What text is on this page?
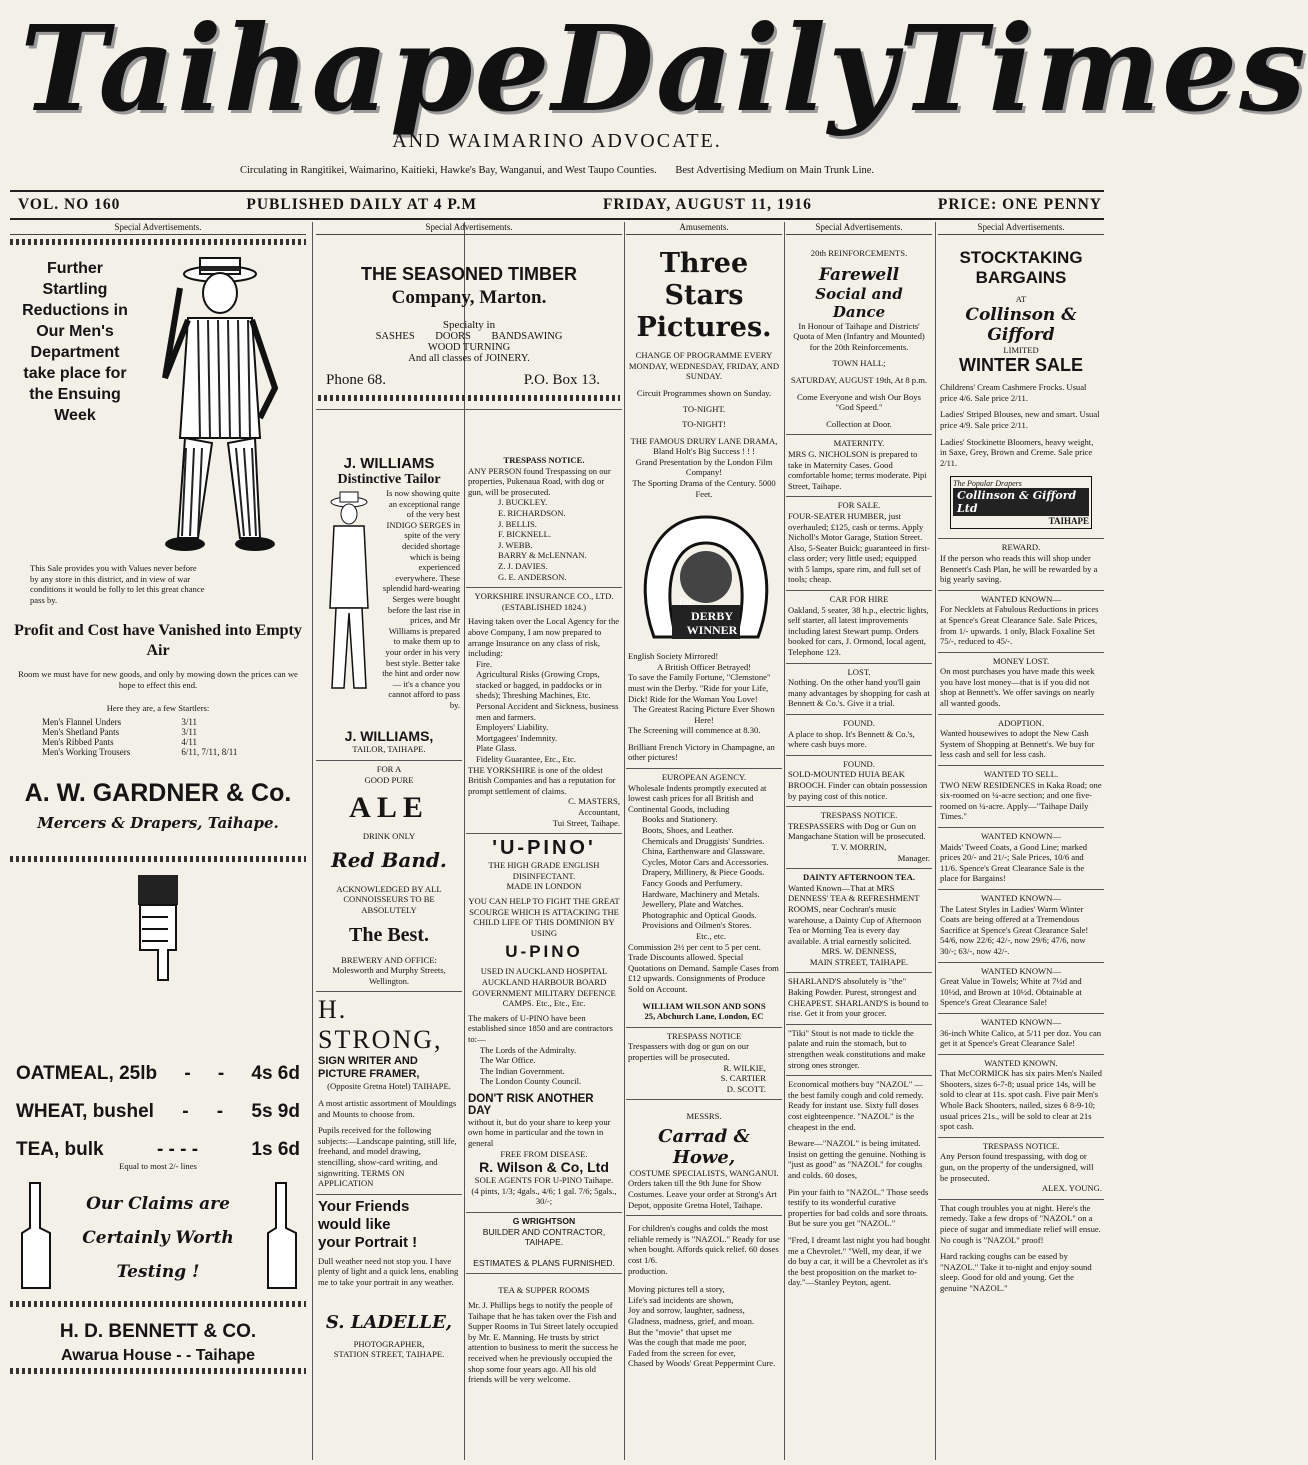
Taihape Daily Times
AND WAIMARINO ADVOCATE.
Circulating in Rangitikei, Waimarino, Kaitieki, Hawke's Bay, Wanganui, and West Taupo Counties. Best Advertising Medium on Main Trunk Line.
VOL. NO 160	PUBLISHED DAILY AT 4 P.M	FRIDAY, AUGUST 11, 1916	PRICE: ONE PENNY
Special Advertisements.
Further
Startling
Reductions in
Our Men's
Department
take place for
the Ensuing
Week
This Sale provides you with Values never before by any store in this district, and in view of war conditions it would be folly to let this great chance pass by.
Profit and Cost have Vanished into Empty Air
Room we must have for new goods, and only by mowing down the prices can we hope to effect this end.
Here they are, a few Startlers:
Men's Flannel Unders	3/11
Men's Shetland Pants	3/11
Men's Ribbed Pants	4/11
Men's Working Trousers	6/11, 7/11, 8/11
A. W. GARDNER & Co.
Mercers & Drapers, Taihape.
OATMEAL, 25lb - - 4s 6d
WHEAT, bushel - - 5s 9d
TEA, bulk	- - - -	1s 6d
Equal to most 2/- lines
Our Claims are
Certainly Worth
Testing !
H. D. BENNETT & CO.
Awarua House - - Taihape
Special Advertisements.
THE SEASONED TIMBER
Company, Marton.
Specialty in
SASHES DOORS BANDSAWING
WOOD TURNING
And all classes of JOINERY.
Phone 68.	P.O. Box 13.
J. WILLIAMS
Distinctive Tailor
Is now showing quite an exceptional range of the very best INDIGO SERGES in spite of the very decided shortage which is being experienced everywhere. These splendid hard-wearing Serges were bought before the last rise in prices, and Mr Williams is prepared to make them up to your order in his very best style. Better take the hint and order now — it's a chance you cannot afford to pass by.
J. WILLIAMS,
TAILOR, TAIHAPE.
FOR A
GOOD PURE
ALE
DRINK ONLY
Red Band.
ACKNOWLEDGED BY ALL CONNOISSEURS TO BE ABSOLUTELY
The Best.
BREWERY AND OFFICE:
Molesworth and Murphy Streets, Wellington.
H. STRONG,
SIGN WRITER AND PICTURE FRAMER,
(Opposite Gretna Hotel) TAIHAPE.
A most artistic assortment of Mouldings and Mounts to choose from.
Pupils received for the following subjects:—Landscape painting, still life, freehand, and model drawing, stencilling, show-card writing, and signwriting. TERMS ON APPLICATION
Your Friends
would like
your Portrait !
Dull weather need not stop you. I have plenty of light and a quick lens, enabling me to take your portrait in any weather.
S. LADELLE,
PHOTOGRAPHER,
STATION STREET, TAIHAPE.
TRESPASS NOTICE.
ANY PERSON found Trespassing on our properties, Pukenaua Road, with dog or gun, will be prosecuted.
J. BUCKLEY.
E. RICHARDSON.
J. BELLIS.
F. BICKNELL.
J. WEBB.
BARRY & McLENNAN.
Z. J. DAVIES.
G. E. ANDERSON.
YORKSHIRE INSURANCE CO., LTD.
(ESTABLISHED 1824.)
Having taken over the Local Agency for the above Company, I am now prepared to arrange Insurance on any class of risk, including:
Fire.
Agricultural Risks (Growing Crops, stacked or bagged, in paddocks or in sheds); Threshing Machines, Etc.
Personal Accident and Sickness, business men and farmers.
Employers' Liability.
Mortgagees' Indemnity.
Plate Glass.
Fidelity Guarantee, Etc., Etc.
THE YORKSHIRE is one of the oldest British Companies and has a reputation for prompt settlement of claims.
C. MASTERS,
Accountant,
Tui Street, Taihape.
'U-PINO'
THE HIGH GRADE ENGLISH DISINFECTANT.
MADE IN LONDON
YOU CAN HELP TO FIGHT THE GREAT SCOURGE WHICH IS ATTACKING THE CHILD LIFE OF THIS DOMINION BY USING
U-PINO
USED IN AUCKLAND HOSPITAL AUCKLAND HARBOUR BOARD GOVERNMENT MILITARY DEFENCE CAMPS. Etc., Etc., Etc.
The makers of U-PINO have been established since 1850 and are contractors to:—
The Lords of the Admiralty.
The War Office.
The Indian Government.
The London County Council.
DON'T RISK ANOTHER DAY
without it, but do your share to keep your own home in particular and the town in general
FREE FROM DISEASE.
R. Wilson & Co, Ltd
SOLE AGENTS FOR U-PINO Taihape.
(4 pints, 1/3; 4gals., 4/6; 1 gal. 7/6; 5gals., 30/-;
G WRIGHTSON
BUILDER AND CONTRACTOR, TAIHAPE.
ESTIMATES & PLANS FURNISHED.
TEA & SUPPER ROOMS
Mr. J. Phillips begs to notify the people of Taihape that he has taken over the Fish and Supper Rooms in Tui Street lately occupied by Mr. E. Manning. He trusts by strict attention to business to merit the success he received when he previously occupied the shop some four years ago. All his old friends will be very welcome.
Amusements.
Three Stars
Pictures.
CHANGE OF PROGRAMME EVERY MONDAY, WEDNESDAY, FRIDAY, AND SUNDAY.
Circuit Programmes shown on Sunday.
TO-NIGHT.
TO-NIGHT!
THE FAMOUS DRURY LANE DRAMA,
Bland Holt's Big Success ! ! !
Grand Presentation by the London Film Company!
The Sporting Drama of the Century. 5000 Feet.
The
DERBY
WINNER
English Society Mirrored!
A British Officer Betrayed!
To save the Family Fortune, "Clemstone" must win the Derby. "Ride for your Life, Dick! Ride for the Woman You Love!
The Greatest Racing Picture Ever Shown Here!
The Screening will commence at 8.30.
Brilliant French Victory in Champagne, an other pictures!
EUROPEAN AGENCY.
Wholesale Indents promptly executed at lowest cash prices for all British and Continental Goods, including
Books and Stationery.
Boots, Shoes, and Leather.
Chemicals and Druggists' Sundries.
China, Earthenware and Glassware.
Cycles, Motor Cars and Accessories.
Drapery, Millinery, & Piece Goods.
Fancy Goods and Perfumery.
Hardware, Machinery and Metals.
Jewellery, Plate and Watches.
Photographic and Optical Goods.
Provisions and Oilmen's Stores.
Etc., etc.
Commission 2½ per cent to 5 per cent. Trade Discounts allowed. Special Quotations on Demand. Sample Cases from £12 upwards. Consignments of Produce Sold on Account.
WILLIAM WILSON AND SONS
25, Abchurch Lane, London, EC
TRESPASS NOTICE
Trespassers with dog or gun on our properties will be prosecuted.
R. WILKIE,
S. CARTIER
D. SCOTT.
MESSRS.
Carrad & Howe,
COSTUME SPECIALISTS, WANGANUI.
Orders taken till the 9th June for Show Costumes. Leave your order at Strong's Art Depot, opposite Gretna Hotel, Taihape.
For children's coughs and colds the most reliable remedy is "NAZOL." Ready for use when bought. Affords quick relief. 60 doses cost 1/6.
production.
Moving pictures tell a story,
Life's sad incidents are shown,
Joy and sorrow, laughter, sadness,
Gladness, madness, grief, and moan.
But the "movie" that upset me
Was the cough that made me poor,
Faded from the screen for ever,
Chased by Woods' Great Peppermint Cure.
Special Advertisements.
20th REINFORCEMENTS.
Farewell
Social and Dance
In Honour of Taihape and Districts' Quota of Men (Infantry and Mounted) for the 20th Reinforcements.
TOWN HALL;
SATURDAY, AUGUST 19th, At 8 p.m.
Come Everyone and wish Our Boys "God Speed."
Collection at Door.
MATERNITY.
MRS G. NICHOLSON is prepared to take in Maternity Cases. Good comfortable home; terms moderate. Pipi Street, Taihape.
FOR SALE.
FOUR-SEATER HUMBER, just overhauled; £125, cash or terms. Apply Nicholl's Motor Garage, Station Street. Also, 5-Seater Buick; guaranteed in first-class order; very little used; equipped with 5 lamps, spare rim, and full set of tools; cheap.
CAR FOR HIRE
Oakland, 5 seater, 38 h.p., electric lights, self starter, all latest improvements including latest Stewart pump. Orders booked for cars, J. Ormond, local agent, Telephone 123.
LOST.
Nothing. On the other hand you'll gain many advantages by shopping for cash at Bennett & Co.'s. Give it a trial.
FOUND.
A place to shop. It's Bennett & Co.'s, where cash buys more.
FOUND.
SOLD-MOUNTED HUIA BEAK BROOCH. Finder can obtain possession by paying cost of this notice.
TRESPASS NOTICE.
TRESPASSERS with Dog or Gun on Mangachane Station will be prosecuted.
T. V. MORRIN,
Manager.
DAINTY AFTERNOON TEA.
Wanted Known—That at MRS DENNESS' TEA & REFRESHMENT ROOMS, near Cochran's music warehouse, a Dainty Cup of Afternoon Tea or Morning Tea is every day available. A trial earnestly solicited.
MRS. W. DENNESS,
MAIN STREET, TAIHAPE.
SHARLAND'S absolutely is "the" Baking Powder. Purest, strongest and CHEAPEST. SHARLAND'S is bound to rise. Get it from your grocer.
"Tiki" Stout is not made to tickle the palate and ruin the stomach, but to strengthen weak constitutions and make strong ones stronger.
Economical mothers buy "NAZOL" —the best family cough and cold remedy. Ready for instant use. Sixty full doses cost eighteenpence. "NAZOL" is the cheapest in the end.
Beware—"NAZOL" is being imitated. Insist on getting the genuine. Nothing is "just as good" as "NAZOL" for coughs and colds. 60 doses,
Pin your faith to "NAZOL." Those seeds testify to its wonderful curative properties for bad colds and sore throats. But be sure you get "NAZOL."
"Fred, I dreamt last night you had bought me a Chevrolet." "Well, my dear, if we do buy a car, it will be a Chevrolet as it's the best proposition on the market to-day."—Stanley Peyton, agent.
Special Advertisements.
STOCKTAKING
BARGAINS
AT
Collinson & Gifford
LIMITED
WINTER SALE
Childrens' Cream Cashmere Frocks. Usual price 4/6. Sale price 2/11.
Ladies' Striped Blouses, new and smart. Usual price 4/9. Sale price 2/11.
Ladies' Stockinette Bloomers, heavy weight, in Saxe, Grey, Brown and Creme. Sale price 2/11.
The Popular Drapers
Collinson & Gifford Ltd
TAIHAPE
REWARD.
If the person who reads this will shop under Bennett's Cash Plan, he will be rewarded by a big yearly saving.
WANTED KNOWN—
For Necklets at Fabulous Reductions in prices at Spence's Great Clearance Sale. Sale Prices, from 1/- upwards. 1 only, Black Foxaline Set 75/-, reduced to 45/-.
MONEY LOST.
On most purchases you have made this week you have lost money—that is if you did not shop at Bennett's. We offer savings on nearly all wanted goods.
ADOPTION.
Wanted housewives to adopt the New Cash System of Shopping at Bennett's. We buy for less cash and sell for less cash.
WANTED TO SELL.
TWO NEW RESIDENCES in Kaka Road; one six-roomed on ¼-acre section; and one five-roomed on ¼-acre. Apply—"Taihape Daily Times."
WANTED KNOWN—
Maids' Tweed Coats, a Good Line; marked prices 20/- and 21/-; Sale Prices, 10/6 and 11/6. Spence's Great Clearance Sale is the place for Bargains!
WANTED KNOWN—
The Latest Styles in Ladies' Warm Winter Coats are being offered at a Tremendous Sacrifice at Spence's Great Clearance Sale! 54/6, now 22/6; 42/-, now 29/6; 47/6, now 30/-; 63/-, now 42/-.
WANTED KNOWN—
Great Value in Towels; White at 7½d and 10½d, and Brown at 10½d. Obtainable at Spence's Great Clearance Sale!
WANTED KNOWN—
36-inch White Calico, at 5/11 per doz. You can get it at Spence's Great Clearance Sale!
WANTED KNOWN.
That McCORMICK has six pairs Men's Nailed Shooters, sizes 6-7-8; usual price 14s, will be sold to clear at 11s. spot cash. Five pair Men's Whole Back Shooters, nailed, sizes 6 8-9-10; usual prices 21s., will be sold to clear at 21s spot cash.
TRESPASS NOTICE.
Any Person found trespassing, with dog or gun, on the property of the undersigned, will be prosecuted.
ALEX. YOUNG.
That cough troubles you at night. Here's the remedy. Take a few drops of "NAZOL" on a piece of sugar and immediate relief will ensue. No cough is "NAZOL" proof!
Hard racking coughs can be eased by "NAZOL." Take it to-night and enjoy sound sleep. Good for old and young. Get the genuine "NAZOL."
